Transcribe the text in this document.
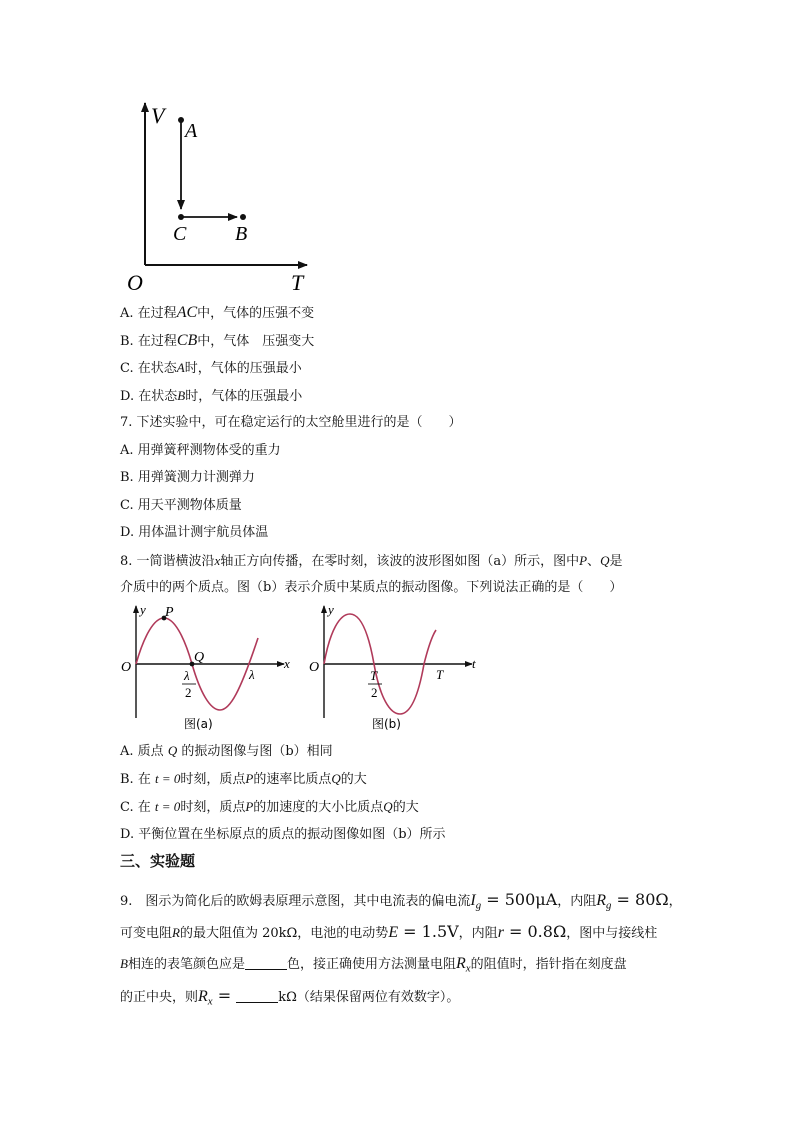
V
A
C B
O	T
A. 在过程AC中，气体的压强不变
B. 在过程CB中，气体　压强变大
C. 在状态A时，气体的压强最小
D. 在状态B时，气体的压强最小
7. 下述实验中，可在稳定运行的太空舱里进行的是（　　）
A. 用弹簧秤测物体受的重力
B. 用弹簧测力计测弹力
C. 用天平测物体质量
D. 用体温计测宇航员体温
8. 一简谐横波沿x轴正方向传播，在零时刻，该波的波形图如图（a）所示，图中P、Q是
介质中的两个质点。图（b）表示介质中某质点的振动图像。下列说法正确的是（　　）
y P
Q
O	x
λ
2
λ
图(a)
y
O	t
T
2
T
图(b)
A. 质点 Q 的振动图像与图（b）相同
B. 在 t = 0时刻，质点P的速率比质点Q的大
C. 在 t = 0时刻，质点P的加速度的大小比质点Q的大
D. 平衡位置在坐标原点的质点的振动图像如图（b）所示
三、实验题
9.　图示为简化后的欧姆表原理示意图，其中电流表的偏电流$I_g = 500\mu A$，内阻$R_g = 80\Omega$，
可变电阻R的最大阻值为 20kΩ，电池的电动势E = 1.5V，内阻r = 0.8Ω，图中与接线柱
B相连的表笔颜色应是	色，接正确使用方法测量电阻$R_x$的阻值时，指针指在刻度盘
的正中央，则$R_x$ =	kΩ（结果保留两位有效数字）。
